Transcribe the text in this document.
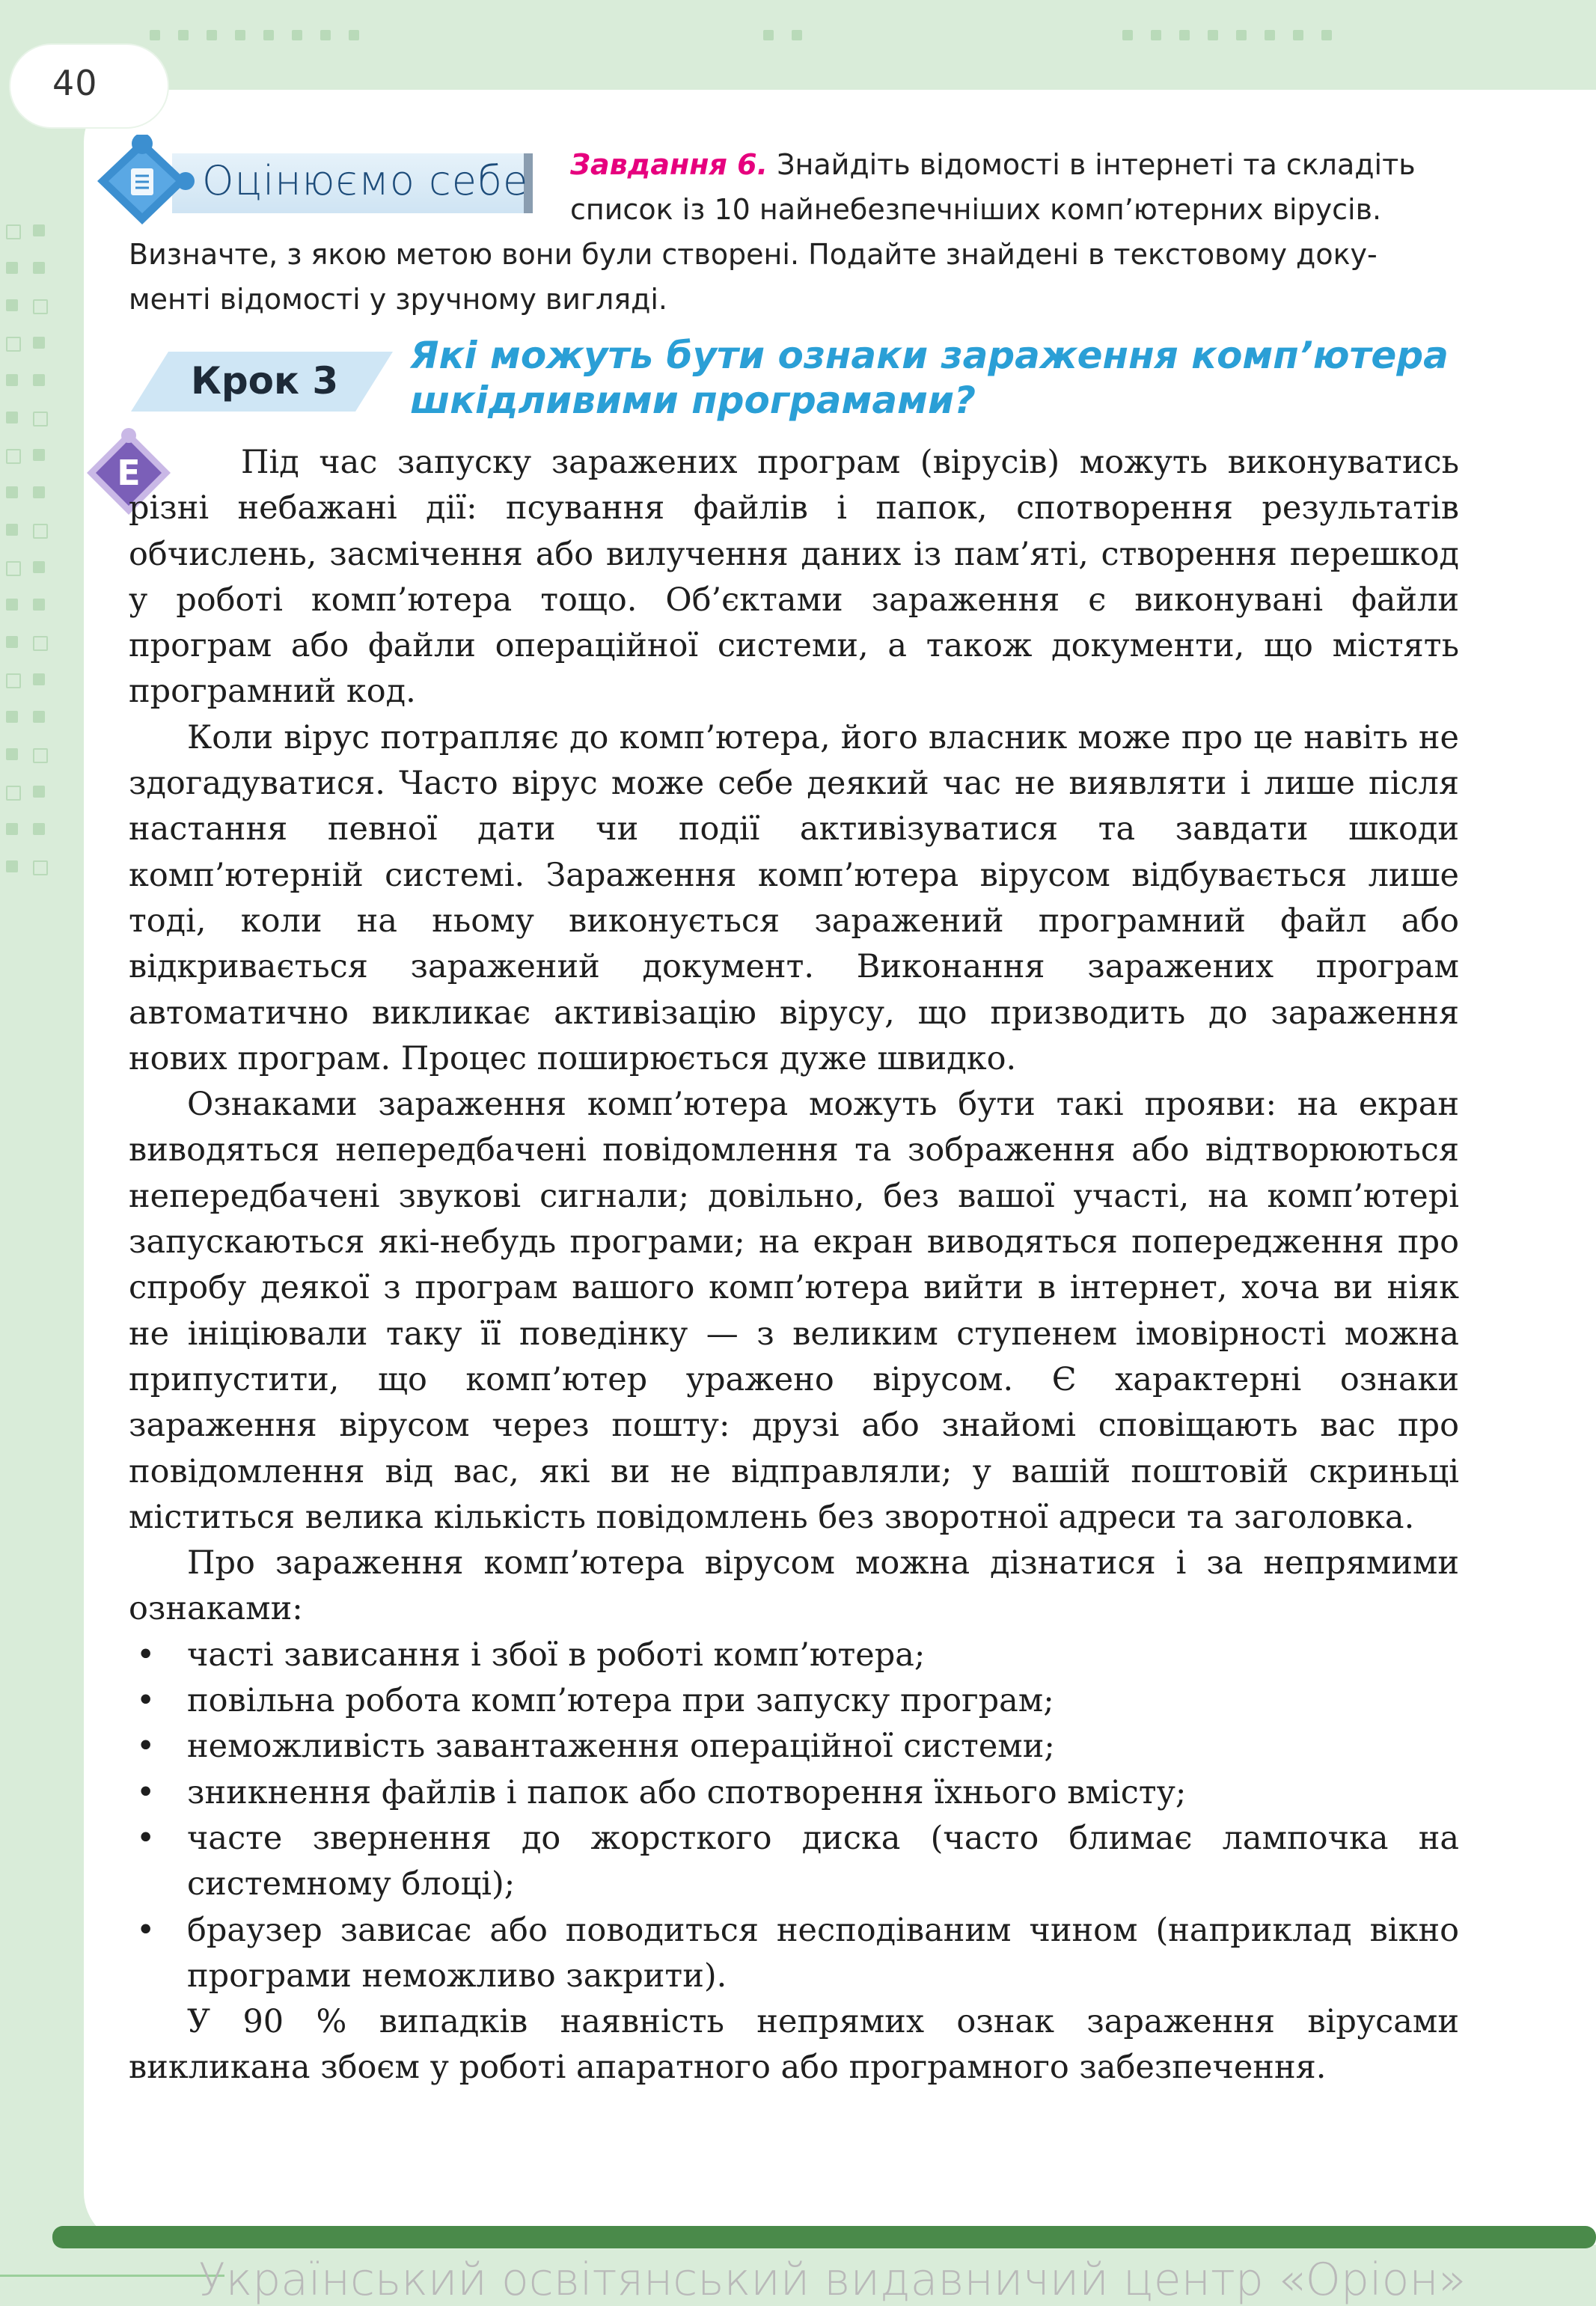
40
Оцінюємо себе Завдання 6. Знайдіть відомості в інтернеті та складіть
список із 10 найнебезпечніших комп’ютерних вірусів.
Визначте, з якою метою вони були створені. Подайте знайдені в текстовому доку-
менті відомості у зручному вигляді.
Крок 3
Які можуть бути ознаки зараження комп’ютера
шкідливими програмами?
E	Під час запуску заражених програм (вірусів) можуть виконуватись різні небажані дії: псування файлів і папок, спотворення результатів обчислень, засмічення або вилучення даних із пам’яті, створення перешкод у роботі комп’ютера тощо. Об’єктами зараження є виконувані файли програм або файли операційної системи, а також документи, що містять програмний код.

Коли вірус потрапляє до комп’ютера, його власник може про це навіть не здогадуватися. Часто вірус може себе деякий час не виявляти і лише після настання певної дати чи події активізуватися та завдати шкоди комп’ютерній системі. Зараження комп’ютера вірусом відбувається лише тоді, коли на ньому виконується заражений програмний файл або відкривається заражений документ. Виконання заражених програм автоматично викликає активізацію вірусу, що призводить до зараження нових програм. Процес поширюється дуже швидко.

Ознаками зараження комп’ютера можуть бути такі прояви: на екран виводяться непередбачені повідомлення та зображення або відтворюються непередбачені звукові сигнали; довільно, без вашої участі, на комп’ютері запускаються які-небудь програми; на екран виводяться попередження про спробу деякої з програм вашого комп’ютера вийти в інтернет, хоча ви ніяк не ініціювали таку її поведінку — з великим ступенем імовірності можна припустити, що комп’ютер уражено вірусом. Є характерні ознаки зараження вірусом через пошту: друзі або знайомі сповіщають вас про повідомлення від вас, які ви не відправляли; у вашій поштовій скриньці міститься велика кількість повідомлень без зворотної адреси та заголовка.

Про зараження комп’ютера вірусом можна дізнатися і за непрямими ознаками:

• часті зависання і збої в роботі комп’ютера;
• повільна робота комп’ютера при запуску програм;
• неможливість завантаження операційної системи;
• зникнення файлів і папок або спотворення їхнього вмісту;
• часте звернення до жорсткого диска (часто блимає лампочка на системному блоці);
• браузер зависає або поводиться несподіваним чином (наприклад вікно програми неможливо закрити).

У 90 % випадків наявність непрямих ознак зараження вірусами викликана збоєм у роботі апаратного або програмного забезпечення.

Український освітянський видавничий центр «Оріон»
